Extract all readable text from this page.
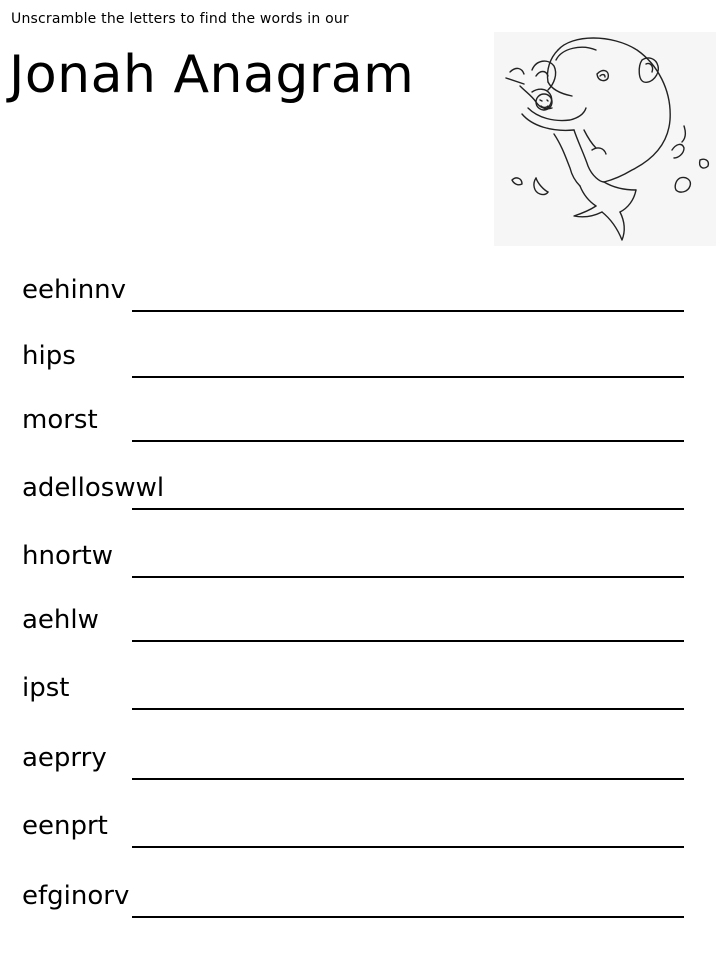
Unscramble the letters to find the words in our
Jonah Anagram
eehinnv
hips
morst
adelloswwl
hnortw
aehlw
ipst
aeprry
eenprt
efginorv
